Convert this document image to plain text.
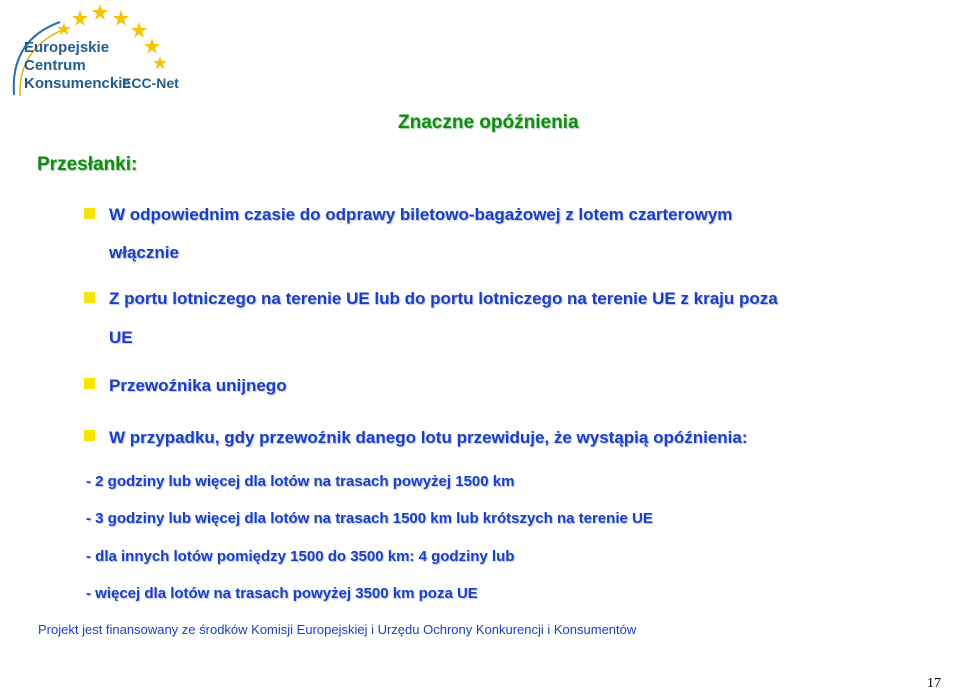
Europejskie
Centrum
Konsumenckie
ECC-Net
Znaczne opóźnienia
Przesłanki:
W odpowiednim czasie do odprawy biletowo-bagażowej z lotem czarterowym
włącznie
Z portu lotniczego na terenie UE lub do portu lotniczego na terenie UE z kraju poza
UE
Przewoźnika unijnego
W przypadku, gdy przewoźnik danego lotu przewiduje, że wystąpią opóźnienia:
- 2 godziny lub więcej dla lotów na trasach powyżej 1500 km
- 3 godziny lub więcej dla lotów na trasach 1500 km lub krótszych na terenie UE
- dla innych lotów pomiędzy 1500 do 3500 km: 4 godziny lub
- więcej dla lotów na trasach powyżej 3500 km poza UE
Projekt jest finansowany ze środków Komisji Europejskiej i Urzędu Ochrony Konkurencji i Konsumentów
17
